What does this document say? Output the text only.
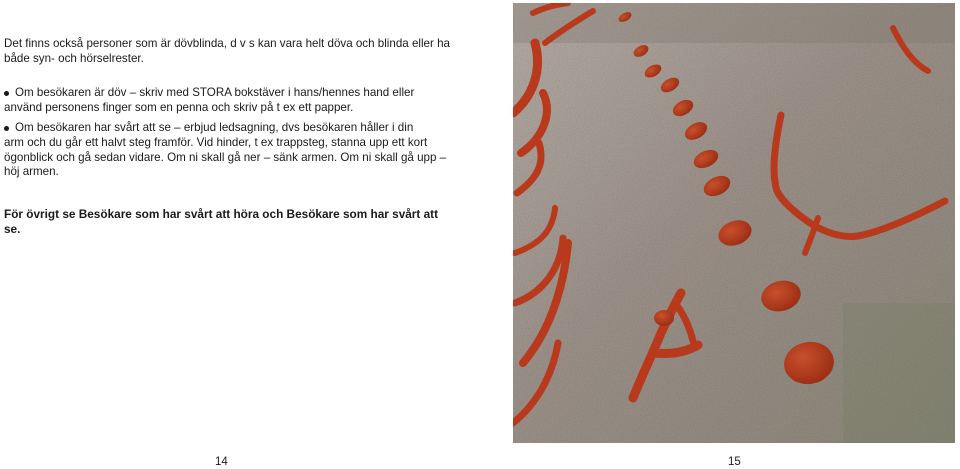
Det finns också personer som är dövblinda, d v s kan vara helt döva och blinda eller ha både syn- och hörselrester.

Om besökaren är döv – skriv med STORA bokstäver i hans/hennes hand eller
använd personens finger som en penna och skriv på t ex ett papper.
Om besökaren har svårt att se – erbjud ledsagning, dvs besökaren håller i din
arm och du går ett halvt steg framför. Vid hinder, t ex trappsteg, stanna upp ett kort ögonblick och gå sedan vidare. Om ni skall gå ner – sänk armen. Om ni skall gå upp – höj armen.

För övrigt se Besökare som har svårt att höra och Besökare som har svårt att se.

14	15
